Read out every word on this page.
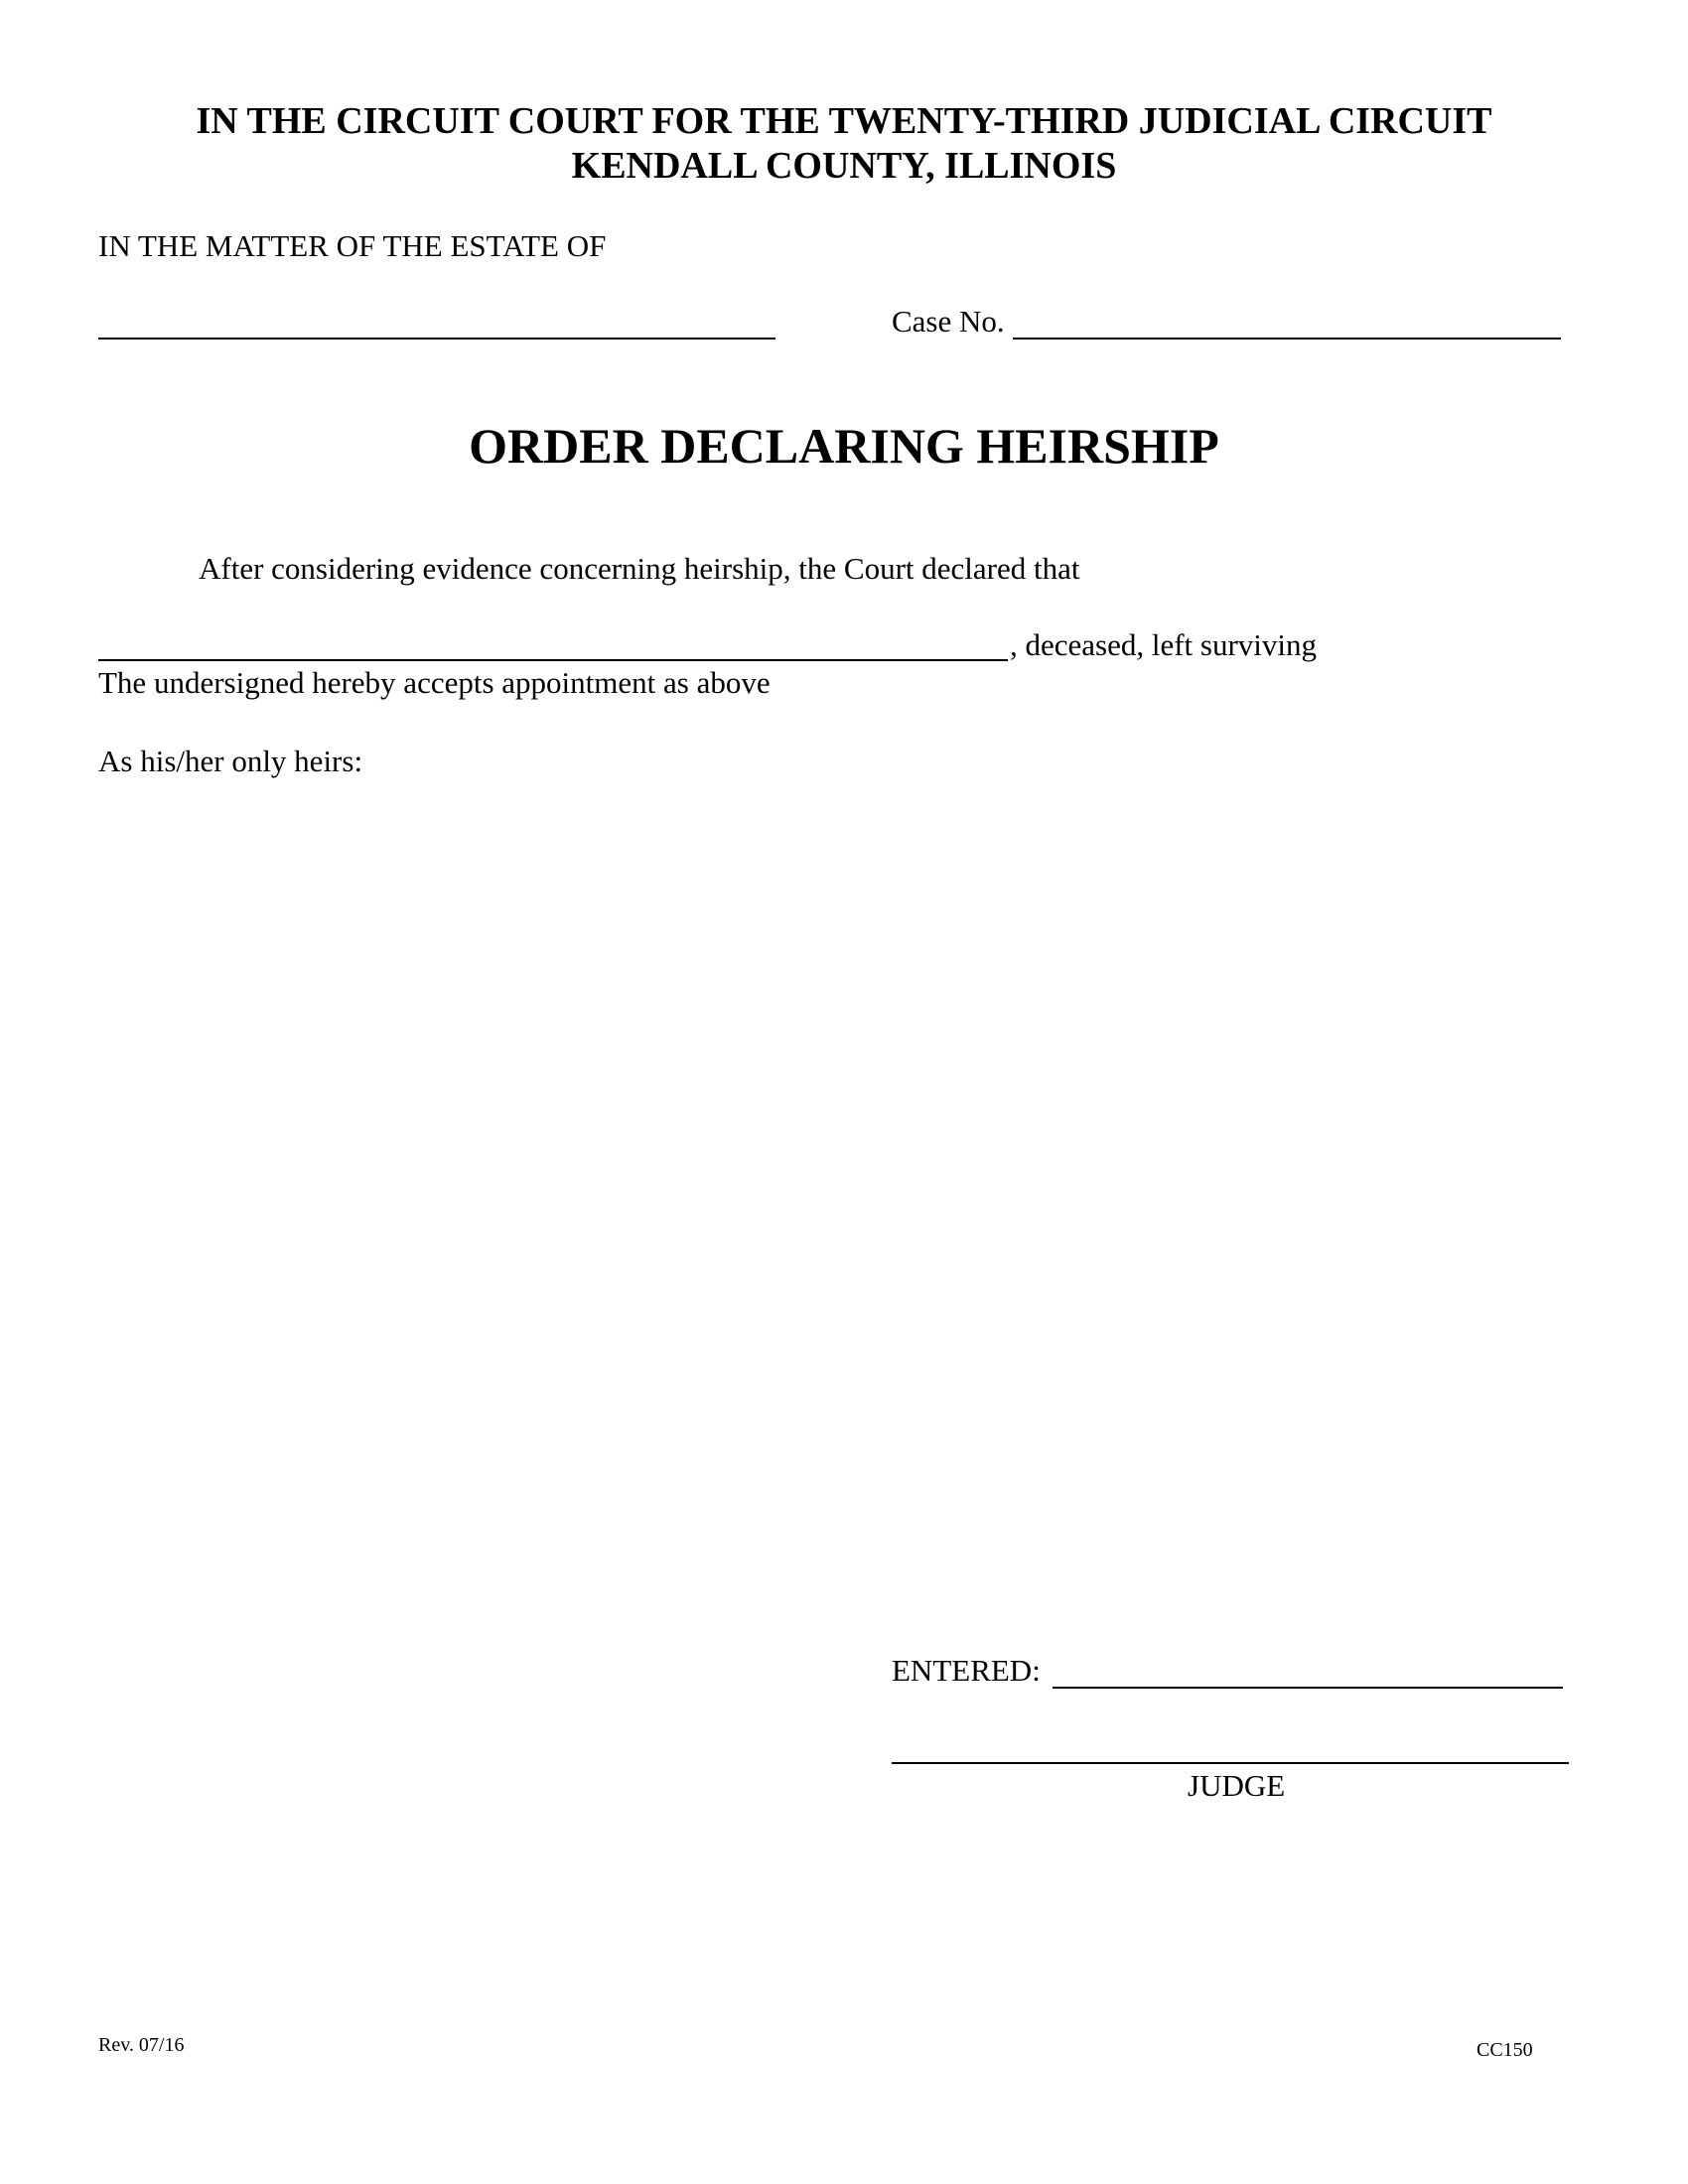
IN THE CIRCUIT COURT FOR THE TWENTY-THIRD JUDICIAL CIRCUIT
KENDALL COUNTY, ILLINOIS
IN THE MATTER OF THE ESTATE OF
Case No.
ORDER DECLARING HEIRSHIP
After considering evidence concerning heirship, the Court declared that
, deceased, left surviving
The undersigned hereby accepts appointment as above
As his/her only heirs:
ENTERED:
JUDGE
Rev. 07/16	CC150
